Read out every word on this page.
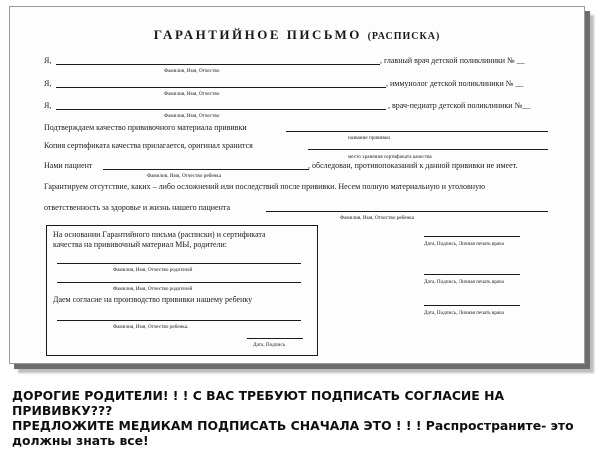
ГАРАНТИЙНОЕ ПИСЬМО (РАСПИСКА)
Я,	, главный врач детской поликлиники № __
Фамилия, Имя, Отчество
Я,	, иммунолог детской поликлиники № __
Фамилия, Имя, Отчество
Я,	, врач-педиатр детской поликлиники №__
Фамилия, Имя, Отчество
Подтверждаем качество прививочного материала прививки
название прививки
Копия сертификата качества прилагается, оригинал хранится
место хранения сертификата качества
Нами пациент	, обследован, противопоказаний к данной прививки не имеет.
Фамилия, Имя, Отчество ребенка
Гарантируем отсутствие, каких – либо осложнений или последствий после прививки. Несем полную материальную и уголовную
ответственность за здоровье и жизнь нашего пациента
Фамилия, Имя, Отчество ребенка
На основании Гарантийного письма (расписки) и сертификата
качества на прививочный материал МЫ, родители:
Фамилия, Имя, Отчество родителей
Фамилия, Имя, Отчество родителей
Даем согласие на производство прививки нашему ребенку
Фамилия, Имя, Отчество ребенка.
Дата, Подпись
Дата, Подпись, Личная печать врача
Дата, Подпись, Личная печать врача
Дата, Подпись, Личная печать врача
ДОРОГИЕ РОДИТЕЛИ! ! ! С ВАС ТРЕБУЮТ ПОДПИСАТЬ СОГЛАСИЕ НА ПРИВИВКУ???
ПРЕДЛОЖИТЕ МЕДИКАМ ПОДПИСАТЬ СНАЧАЛА ЭТО ! ! ! Распространите- это
должны знать все!
